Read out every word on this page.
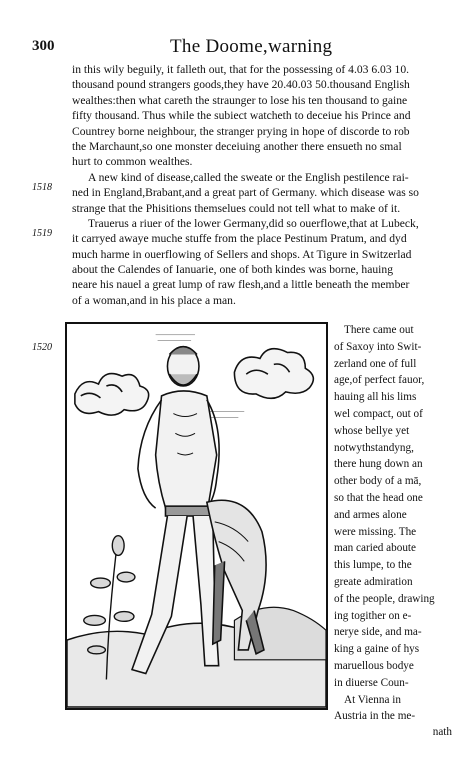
300	The Doome,warning
in this wily beguily, it falleth out, that for the possessing of 4.03 6.03 10.
thousand pound strangers goods,they have 20.40.03 50.thousand English
wealthes:then what careth the straunger to lose his ten thousand to gaine
fifty thousand. Thus while the subiect watcheth to deceiue his Prince and
Countrey borne neighbour, the stranger prying in hope of discorde to rob
the Marchaunt,so one monster deceiuing another there ensueth no smal
hurt to common wealthes.
A new kind of disease,called the sweate or the English pestilence rai-
ned in England,Brabant,and a great part of Germany. which disease was so
strange that the Phisitions themselues could not tell what to make of it.
Trauerus a riuer of the lower Germany,did so ouerflowe,that at Lubeck,
it carryed awaye muche stuffe from the place Pestinum Pratum, and dyd
much harme in ouerflowing of Sellers and shops. At Tigure in Switzerlad
about the Calendes of Ianuarie, one of both kindes was borne, hauing
neare his nauel a great lump of raw flesh,and a little beneath the member
of a woman,and in his place a man.
1518
1519
1520
There came out
of Saxoy into Swit-
zerland one of full
age,of perfect fauor,
hauing all his lims
wel compact, out of
whose bellye yet
notwythstandyng,
there hung down an
other body of a mā,
so that the head one
and armes alone
were missing. The
man caried aboute
this lumpe, to the
greate admiration
of the people, drawing
ing togither on e-
nerye side, and ma-
king a gaine of hys
maruellous bodye
in diuerse Coun-
At Vienna in
Austria in the me-
nath
